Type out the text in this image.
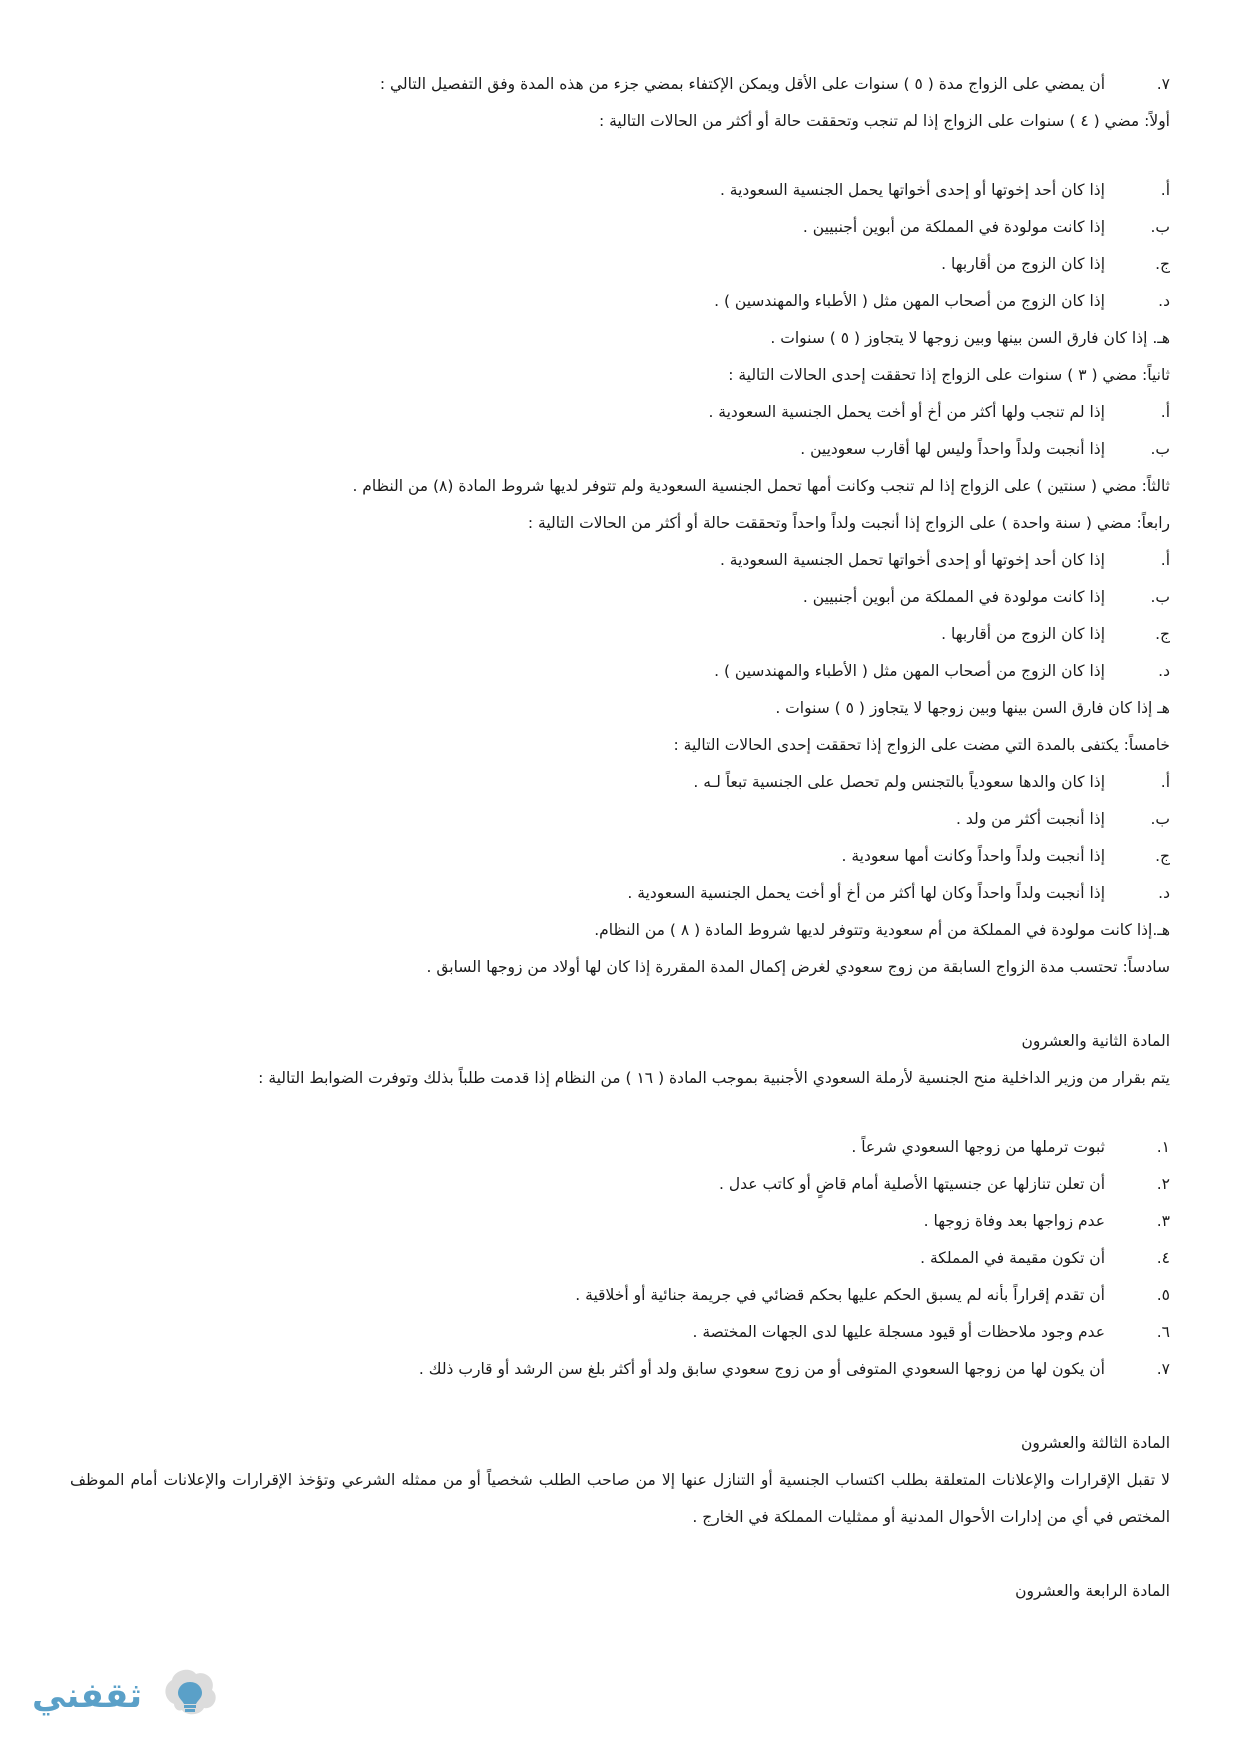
٧.
أن يمضي على الزواج مدة ( ٥ ) سنوات على الأقل ويمكن الإكتفاء بمضي جزء من هذه المدة وفق التفصيل التالي :
أولاً: مضي ( ٤ ) سنوات على الزواج إذا لم تنجب وتحققت حالة أو أكثر من الحالات التالية :
أ.
إذا كان أحد إخوتها أو إحدى أخواتها يحمل الجنسية السعودية .
ب.
إذا كانت مولودة في المملكة من أبوين أجنبيين .
ج.
إذا كان الزوج من أقاربها .
د.
إذا كان الزوج من أصحاب المهن مثل ( الأطباء والمهندسين ) .
هـ. إذا كان فارق السن بينها وبين زوجها لا يتجاوز ( ٥ ) سنوات .
ثانياً: مضي ( ٣ ) سنوات على الزواج إذا تحققت إحدى الحالات التالية :
أ.
إذا لم تنجب ولها أكثر من أخ أو أخت يحمل الجنسية السعودية .
ب.
إذا أنجبت ولداً واحداً وليس لها أقارب سعوديين .
ثالثاً: مضي ( سنتين ) على الزواج إذا لم تنجب وكانت أمها تحمل الجنسية السعودية ولم تتوفر لديها شروط المادة (٨) من النظام .
رابعاً: مضي ( سنة واحدة ) على الزواج إذا أنجبت ولداً واحداً وتحققت حالة أو أكثر من الحالات التالية :
أ.
إذا كان أحد إخوتها أو إحدى أخواتها تحمل الجنسية السعودية .
ب.
إذا كانت مولودة في المملكة من أبوين أجنبيين .
ج.
إذا كان الزوج من أقاربها .
د.
إذا كان الزوج من أصحاب المهن مثل ( الأطباء والمهندسين ) .
هـ إذا كان فارق السن بينها وبين زوجها لا يتجاوز ( ٥ ) سنوات .
خامساً: يكتفى بالمدة التي مضت على الزواج إذا تحققت إحدى الحالات التالية :
أ.
إذا كان والدها سعودياً بالتجنس ولم تحصل على الجنسية تبعاً لـه .
ب.
إذا أنجبت أكثر من ولد .
ج.
إذا أنجبت ولداً واحداً وكانت أمها سعودية .
د.
إذا أنجبت ولداً واحداً وكان لها أكثر من أخ أو أخت يحمل الجنسية السعودية .
هـ.إذا كانت مولودة في المملكة من أم سعودية وتتوفر لديها شروط المادة ( ٨ ) من النظام.
سادساً: تحتسب مدة الزواج السابقة من زوج سعودي لغرض إكمال المدة المقررة إذا كان لها أولاد من زوجها السابق .
المادة الثانية والعشرون
يتم بقرار من وزير الداخلية منح الجنسية لأرملة السعودي الأجنبية بموجب المادة ( ١٦ ) من النظام إذا قدمت طلباً بذلك وتوفرت الضوابط التالية :
١.
ثبوت ترملها من زوجها السعودي شرعاً .
٢.
أن تعلن تنازلها عن جنسيتها الأصلية أمام قاضٍ أو كاتب عدل .
٣.
عدم زواجها بعد وفاة زوجها .
٤.
أن تكون مقيمة في المملكة .
٥.
أن تقدم إقراراً بأنه لم يسبق الحكم عليها بحكم قضائي في جريمة جنائية أو أخلاقية .
٦.
عدم وجود ملاحظات أو قيود مسجلة عليها لدى الجهات المختصة .
٧.
أن يكون لها من زوجها السعودي المتوفى أو من زوج سعودي سابق ولد أو أكثر بلغ سن الرشد أو قارب ذلك .
المادة الثالثة والعشرون
لا تقبل الإقرارات والإعلانات المتعلقة بطلب اكتساب الجنسية أو التنازل عنها إلا من صاحب الطلب شخصياً أو من ممثله الشرعي وتؤخذ الإقرارات والإعلانات أمام الموظف المختص في أي من إدارات الأحوال المدنية أو ممثليات المملكة في الخارج .
المادة الرابعة والعشرون
ثقفني
